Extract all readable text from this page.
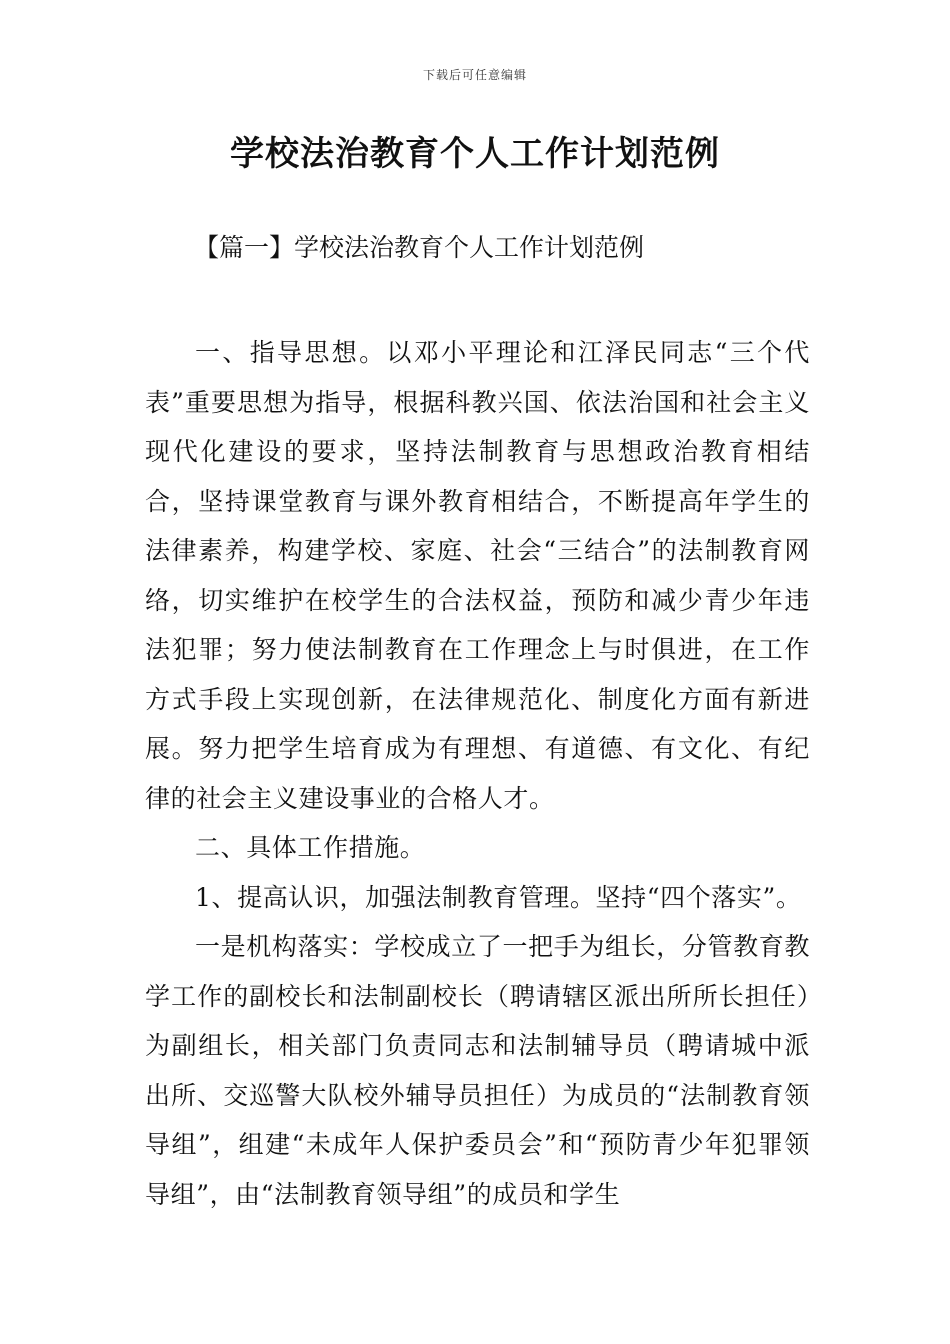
下载后可任意编辑
学校法治教育个人工作计划范例
【篇一】学校法治教育个人工作计划范例

一、指导思想。以邓小平理论和江泽民同志“三个代表”重要思想为指导，根据科教兴国、依法治国和社会主义现代化建设的要求，坚持法制教育与思想政治教育相结合，坚持课堂教育与课外教育相结合，不断提高年学生的法律素养，构建学校、家庭、社会“三结合”的法制教育网络，切实维护在校学生的合法权益，预防和减少青少年违法犯罪；努力使法制教育在工作理念上与时俱进，在工作方式手段上实现创新，在法律规范化、制度化方面有新进展。努力把学生培育成为有理想、有道德、有文化、有纪律的社会主义建设事业的合格人才。

二、具体工作措施。

1、提高认识，加强法制教育管理。坚持“四个落实”。

一是机构落实：学校成立了一把手为组长，分管教育教学工作的副校长和法制副校长（聘请辖区派出所所长担任）为副组长，相关部门负责同志和法制辅导员（聘请城中派出所、交巡警大队校外辅导员担任）为成员的“法制教育领导组”，组建“未成年人保护委员会”和“预防青少年犯罪领导组”，由“法制教育领导组”的成员和学生
